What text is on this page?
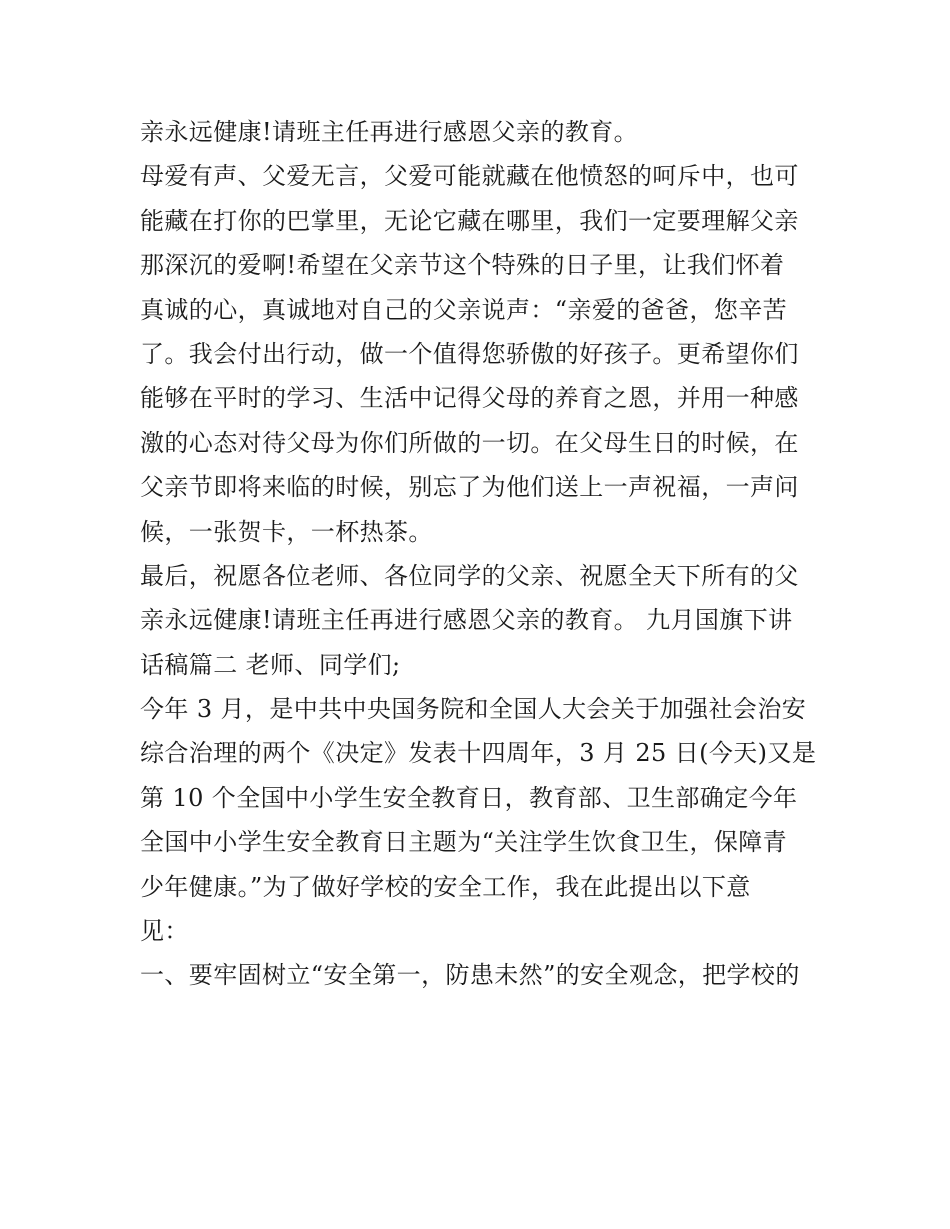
亲永远健康!请班主任再进行感恩父亲的教育。
母爱有声、父爱无言，父爱可能就藏在他愤怒的呵斥中，也可
能藏在打你的巴掌里，无论它藏在哪里，我们一定要理解父亲
那深沉的爱啊!希望在父亲节这个特殊的日子里，让我们怀着
真诚的心，真诚地对自己的父亲说声：“亲爱的爸爸，您辛苦
了。我会付出行动，做一个值得您骄傲的好孩子。更希望你们
能够在平时的学习、生活中记得父母的养育之恩，并用一种感
激的心态对待父母为你们所做的一切。在父母生日的时候，在
父亲节即将来临的时候，别忘了为他们送上一声祝福，一声问
候，一张贺卡，一杯热茶。
最后，祝愿各位老师、各位同学的父亲、祝愿全天下所有的父
亲永远健康!请班主任再进行感恩父亲的教育。 九月国旗下讲
话稿篇二 老师、同学们;
今年 3 月，是中共中央国务院和全国人大会关于加强社会治安
综合治理的两个《决定》发表十四周年，3 月 25 日(今天)又是
第 10 个全国中小学生安全教育日，教育部、卫生部确定今年
全国中小学生安全教育日主题为“关注学生饮食卫生，保障青
少年健康。”为了做好学校的安全工作，我在此提出以下意
见：
一、要牢固树立“安全第一，防患未然”的安全观念，把学校的
